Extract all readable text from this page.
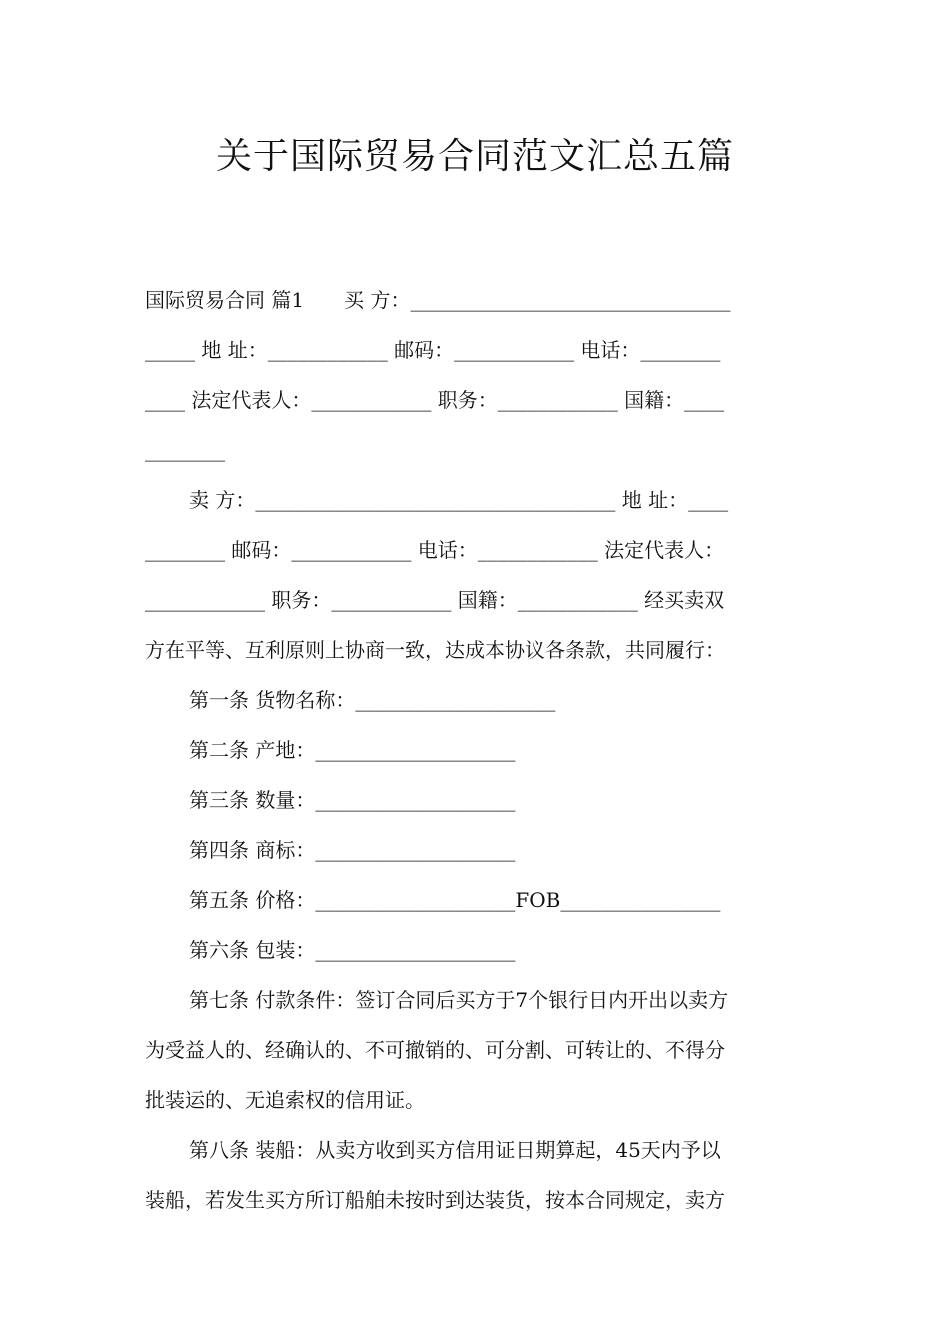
关于国际贸易合同范文汇总五篇
国际贸易合同 篇1　　买 方：________________________________
_____ 地 址：____________ 邮码：____________ 电话：________
____ 法定代表人：____________ 职务：____________ 国籍：____
________
卖 方：____________________________________ 地 址：____
________ 邮码：____________ 电话：____________ 法定代表人：
____________ 职务：____________ 国籍：____________ 经买卖双
方在平等、互利原则上协商一致，达成本协议各条款，共同履行：
第一条 货物名称：____________________
第二条 产地：____________________
第三条 数量：____________________
第四条 商标：____________________
第五条 价格：____________________FOB________________
第六条 包装：____________________
第七条 付款条件：签订合同后买方于7个银行日内开出以卖方
为受益人的、经确认的、不可撤销的、可分割、可转让的、不得分
批装运的、无追索权的信用证。
第八条 装船：从卖方收到买方信用证日期算起，45天内予以
装船，若发生买方所订船舶未按时到达装货，按本合同规定，卖方
